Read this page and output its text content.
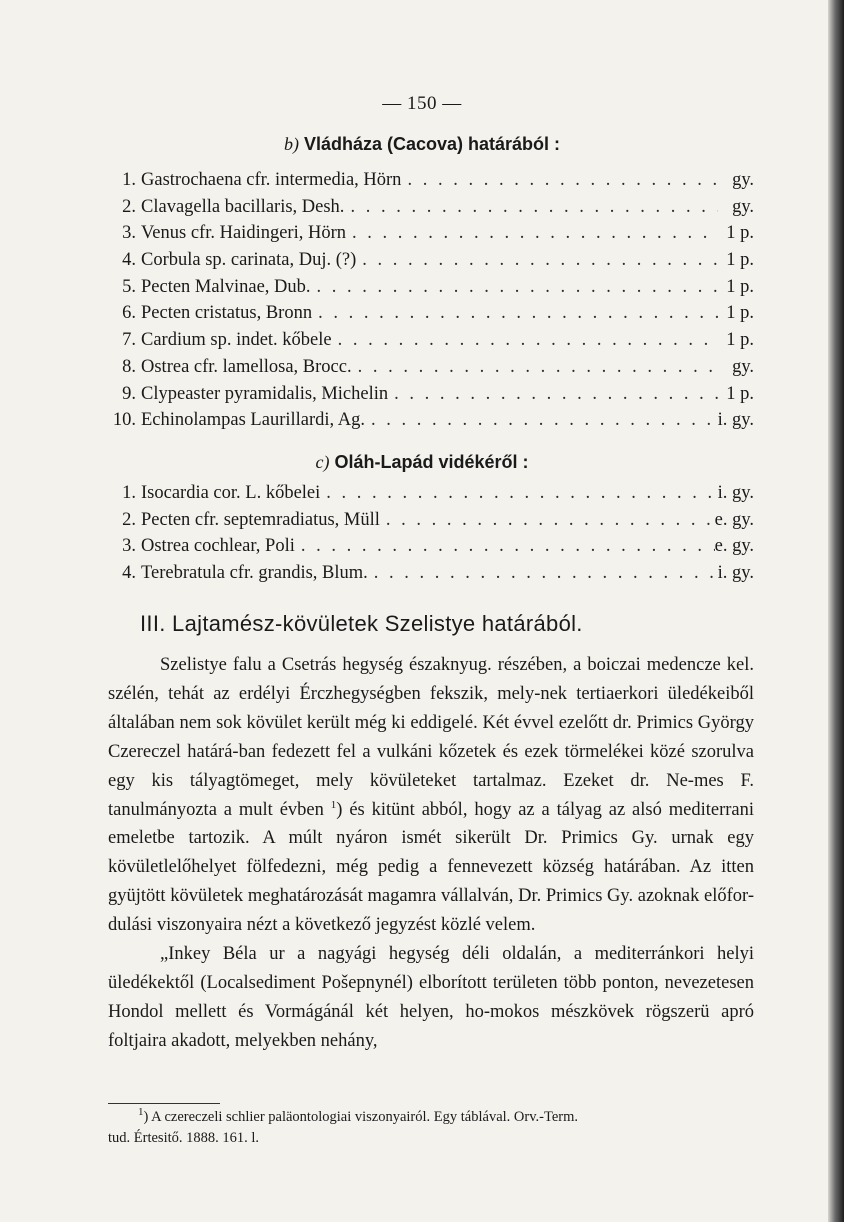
— 150 —
b) Vládháza (Cacova) határából :
1. Gastrochaena cfr. intermedia, Hörn . . .	gy.
2. Clavagella bacillaris, Desh. . . .	gy.
3. Venus cfr. Haidingeri, Hörn . . .	1 p.
4. Corbula sp. carinata, Duj. (?) . . .	1 p.
5. Pecten Malvinae, Dub. . . .	1 p.
6. Pecten cristatus, Bronn . . .	1 p.
7. Cardium sp. indet. kőbele . . .	1 p.
8. Ostrea cfr. lamellosa, Brocc. . . .	gy.
9. Clypeaster pyramidalis, Michelin . . .	1 p.
10. Echinolampas Laurillardi, Ag. . . .	i. gy.
c) Oláh-Lapád vidékéről :
1. Isocardia cor. L. kőbelei . . .	i. gy.
2. Pecten cfr. septemradiatus, Müll . . .	e. gy.
3. Ostrea cochlear, Poli . . .	e. gy.
4. Terebratula cfr. grandis, Blum. . . .	i. gy.
III. Lajtamész-kövületek Szelistye határából.

Szelistye falu a Csetrás hegység északnyug. részében, a boiczai medencze kel. szélén, tehát az erdélyi Érczhegységben fekszik, mely-nek tertiaerkori üledékeiből általában nem sok kövület került még ki eddigelé. Két évvel ezelőtt dr. Primics György Czereczel határá-ban fedezett fel a vulkáni kőzetek és ezek törmelékei közé szorulva egy kis tályagtömeget, mely kövületeket tartalmaz. Ezeket dr. Ne-mes F. tanulmányozta a mult évben $^1$) és kitünt abból, hogy az a tályag az alsó mediterrani emeletbe tartozik. A múlt nyáron ismét sikerült Dr. Primics Gy. urnak egy kövületlelőhelyet fölfedezni, még pedig a fennevezett község határában. Az itten gyüjtött kövületek meghatározását magamra vállalván, Dr. Primics Gy. azoknak előfor-dulási viszonyaira nézt a következő jegyzést közlé velem.

„Inkey Béla ur a nagyági hegység déli oldalán, a mediterránkori helyi üledékektől (Localsediment Pošepnynél) elborított területen több ponton, nevezetesen Hondol mellett és Vormágánál két helyen, ho-mokos mészkövek rögszerü apró foltjaira akadott, melyekben nehány,

$^1$) A czereczeli schlier paläontologiai viszonyairól. Egy táblával. Orv.-Term.
tud. Értesitő. 1888. 161. l.
